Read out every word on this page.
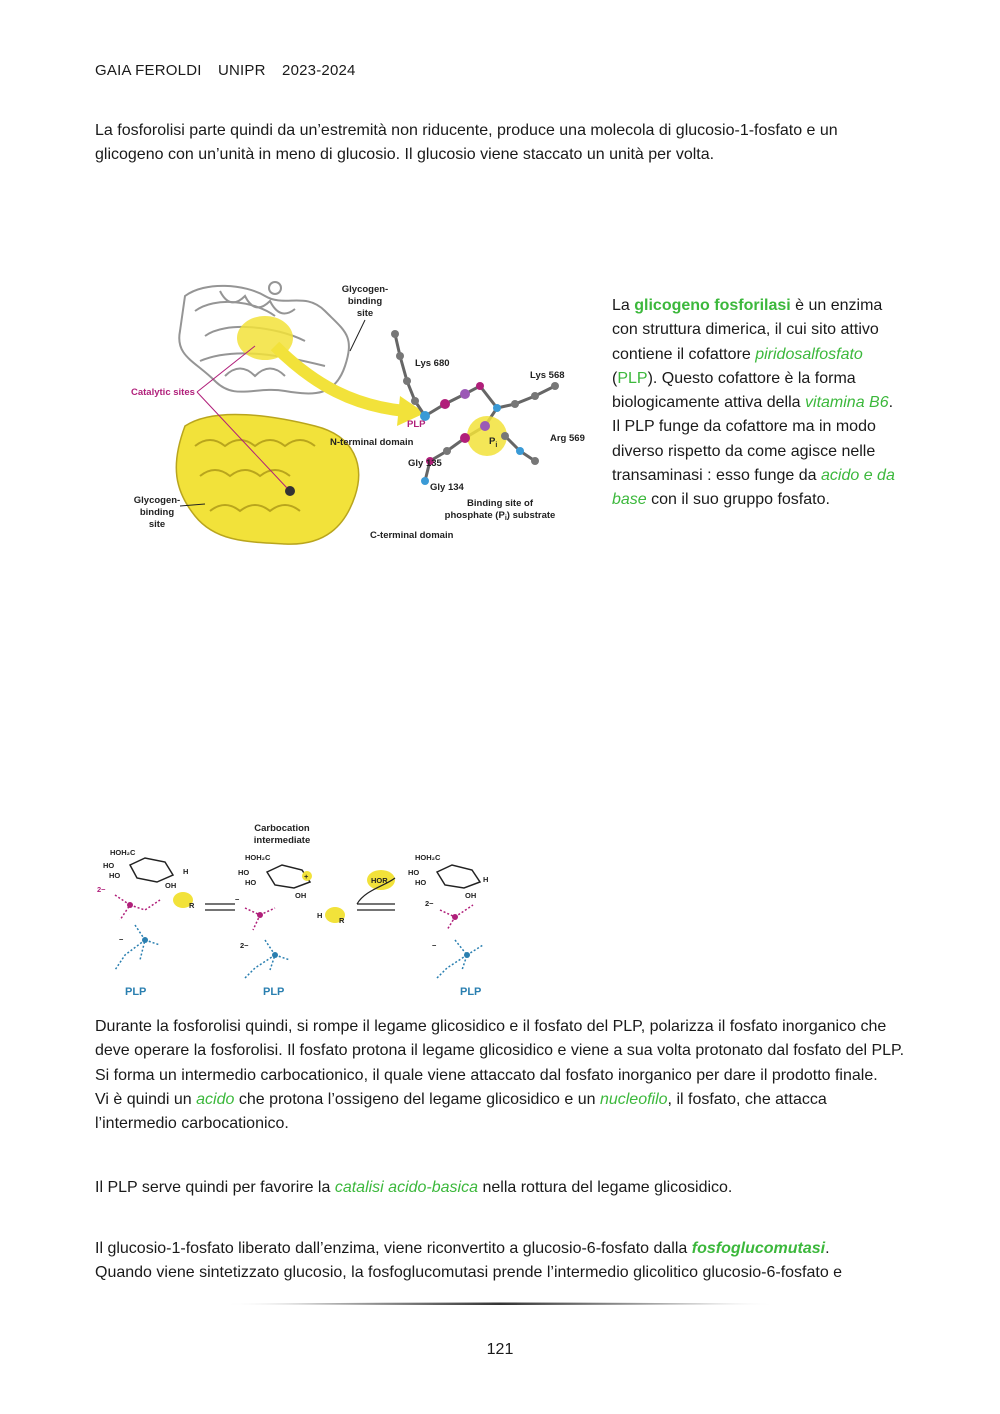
GAIA FEROLDI UNIPR 2023-2024

La fosforolisi parte quindi da un’estremità non riducente, produce una molecola di glucosio-1-fosfato e un

glicogeno con un’unità in meno di glucosio. Il glucosio viene staccato un unità per volta.

Catalytic sites
Glycogen-
binding
site
Lys 680
Lys 568
PLP
$P_i$
Arg 569
N-terminal domain
Gly 135
Gly 134
Binding site of
phosphate $(P_i)$ substrate
Glycogen-
binding
site
C-terminal domain

La glicogeno fosforilasi è un enzima con struttura dimerica, il cui sito attivo contiene il cofattore piridosalfosfato (PLP). Questo cofattore è la forma biologicamente attiva della vitamina B6.

Il PLP funge da cofattore ma in modo diverso rispetto da come agisce nelle transaminasi : esso funge da acido e da base con il suo gruppo fosfato.

Carbocation
intermediate
HOH₂C
HO
HO
OH
H
R
2−
−
PLP
HOH₂C
HO
HO
+
OH
−
2−
PLP
H
R
HOR
HOH₂C
HO
HO
OH
H
2−
−
PLP

Durante la fosforolisi quindi, si rompe il legame glicosidico e il fosfato del PLP, polarizza il fosfato inorganico che deve operare la fosforolisi. Il fosfato protona il legame glicosidico e viene a sua volta protonato dal fosfato del PLP. Si forma un intermedio carbocationico, il quale viene attaccato dal fosfato inorganico per dare il prodotto finale.

Vi è quindi un acido che protona l’ossigeno del legame glicosidico e un nucleofilo, il fosfato, che attacca l’intermedio carbocationico.

Il PLP serve quindi per favorire la catalisi acido-basica nella rottura del legame glicosidico.

Il glucosio-1-fosfato liberato dall’enzima, viene riconvertito a glucosio-6-fosfato dalla fosfoglucomutasi.

Quando viene sintetizzato glucosio, la fosfoglucomutasi prende l’intermedio glicolitico glucosio-6-fosfato e

121
